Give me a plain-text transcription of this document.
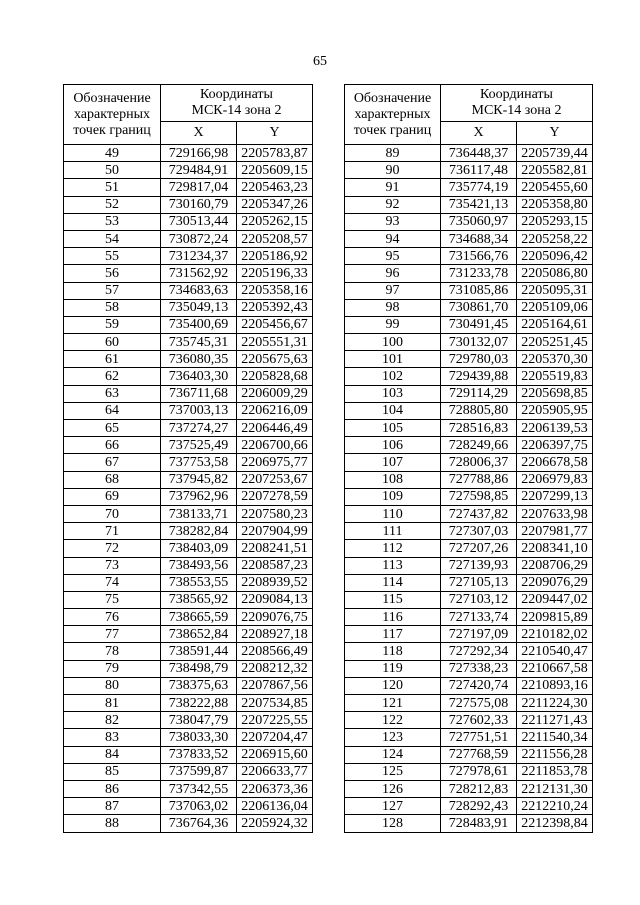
65
Обозначение
характерных
точек границ	Координаты
МСК-14 зона 2	

	X	Y
49	729166,98	2205783,87
50	729484,91	2205609,15
51	729817,04	2205463,23
52	730160,79	2205347,26
53	730513,44	2205262,15
54	730872,24	2205208,57
55	731234,37	2205186,92
56	731562,92	2205196,33
57	734683,63	2205358,16
58	735049,13	2205392,43
59	735400,69	2205456,67
60	735745,31	2205551,31
61	736080,35	2205675,63
62	736403,30	2205828,68
63	736711,68	2206009,29
64	737003,13	2206216,09
65	737274,27	2206446,49
66	737525,49	2206700,66
67	737753,58	2206975,77
68	737945,82	2207253,67
69	737962,96	2207278,59
70	738133,71	2207580,23
71	738282,84	2207904,99
72	738403,09	2208241,51
73	738493,56	2208587,23
74	738553,55	2208939,52
75	738565,92	2209084,13
76	738665,59	2209076,75
77	738652,84	2208927,18
78	738591,44	2208566,49
79	738498,79	2208212,32
80	738375,63	2207867,56
81	738222,88	2207534,85
82	738047,79	2207225,55
83	738033,30	2207204,47
84	737833,52	2206915,60
85	737599,87	2206633,77
86	737342,55	2206373,36
87	737063,02	2206136,04
88	736764,36	2205924,32
Обозначение
характерных
точек границ	Координаты
МСК-14 зона 2	

	X	Y
89	736448,37	2205739,44
90	736117,48	2205582,81
91	735774,19	2205455,60
92	735421,13	2205358,80
93	735060,97	2205293,15
94	734688,34	2205258,22
95	731566,76	2205096,42
96	731233,78	2205086,80
97	731085,86	2205095,31
98	730861,70	2205109,06
99	730491,45	2205164,61
100	730132,07	2205251,45
101	729780,03	2205370,30
102	729439,88	2205519,83
103	729114,29	2205698,85
104	728805,80	2205905,95
105	728516,83	2206139,53
106	728249,66	2206397,75
107	728006,37	2206678,58
108	727788,86	2206979,83
109	727598,85	2207299,13
110	727437,82	2207633,98
111	727307,03	2207981,77
112	727207,26	2208341,10
113	727139,93	2208706,29
114	727105,13	2209076,29
115	727103,12	2209447,02
116	727133,74	2209815,89
117	727197,09	2210182,02
118	727292,34	2210540,47
119	727338,23	2210667,58
120	727420,74	2210893,16
121	727575,08	2211224,30
122	727602,33	2211271,43
123	727751,51	2211540,34
124	727768,59	2211556,28
125	727978,61	2211853,78
126	728212,83	2212131,30
127	728292,43	2212210,24
128	728483,91	2212398,84
